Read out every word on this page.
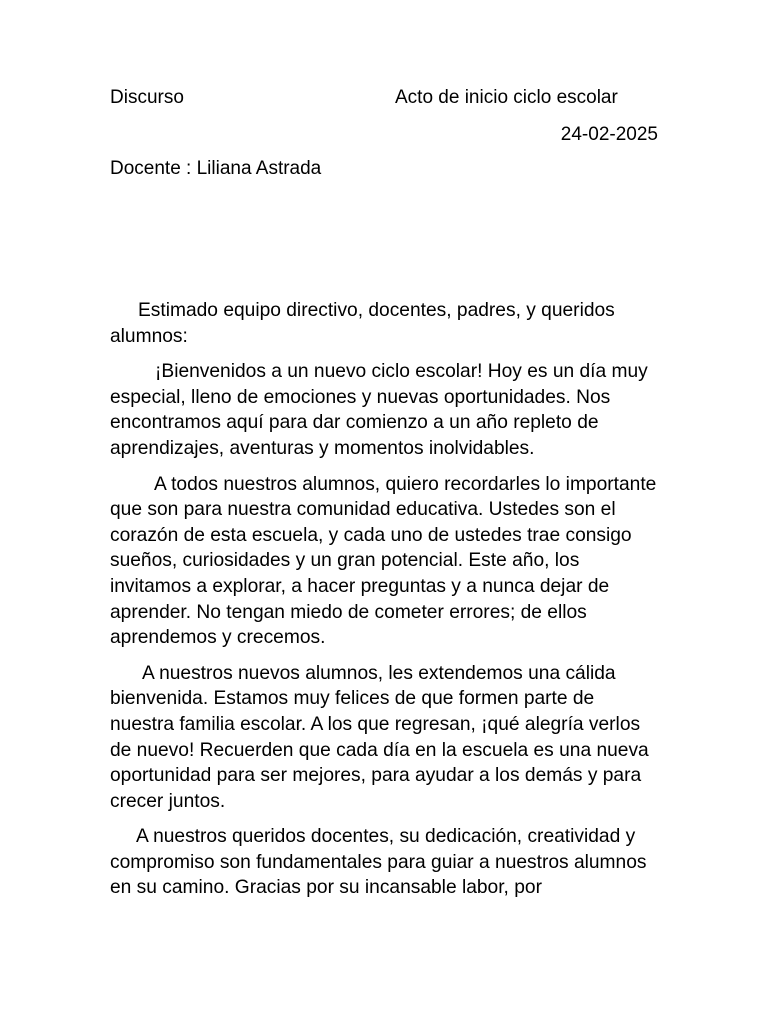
Discurso	Acto de inicio ciclo escolar
24-02-2025
Docente : Liliana Astrada

Estimado equipo directivo, docentes, padres, y queridos alumnos:

¡Bienvenidos a un nuevo ciclo escolar! Hoy es un día muy especial, lleno de emociones y nuevas oportunidades. Nos encontramos aquí para dar comienzo a un año repleto de aprendizajes, aventuras y momentos inolvidables.

A todos nuestros alumnos, quiero recordarles lo importante que son para nuestra comunidad educativa. Ustedes son el corazón de esta escuela, y cada uno de ustedes trae consigo sueños, curiosidades y un gran potencial. Este año, los invitamos a explorar, a hacer preguntas y a nunca dejar de aprender. No tengan miedo de cometer errores; de ellos aprendemos y crecemos.

A nuestros nuevos alumnos, les extendemos una cálida bienvenida. Estamos muy felices de que formen parte de nuestra familia escolar. A los que regresan, ¡qué alegría verlos de nuevo! Recuerden que cada día en la escuela es una nueva oportunidad para ser mejores, para ayudar a los demás y para crecer juntos.

A nuestros queridos docentes, su dedicación, creatividad y compromiso son fundamentales para guiar a nuestros alumnos en su camino. Gracias por su incansable labor, por
